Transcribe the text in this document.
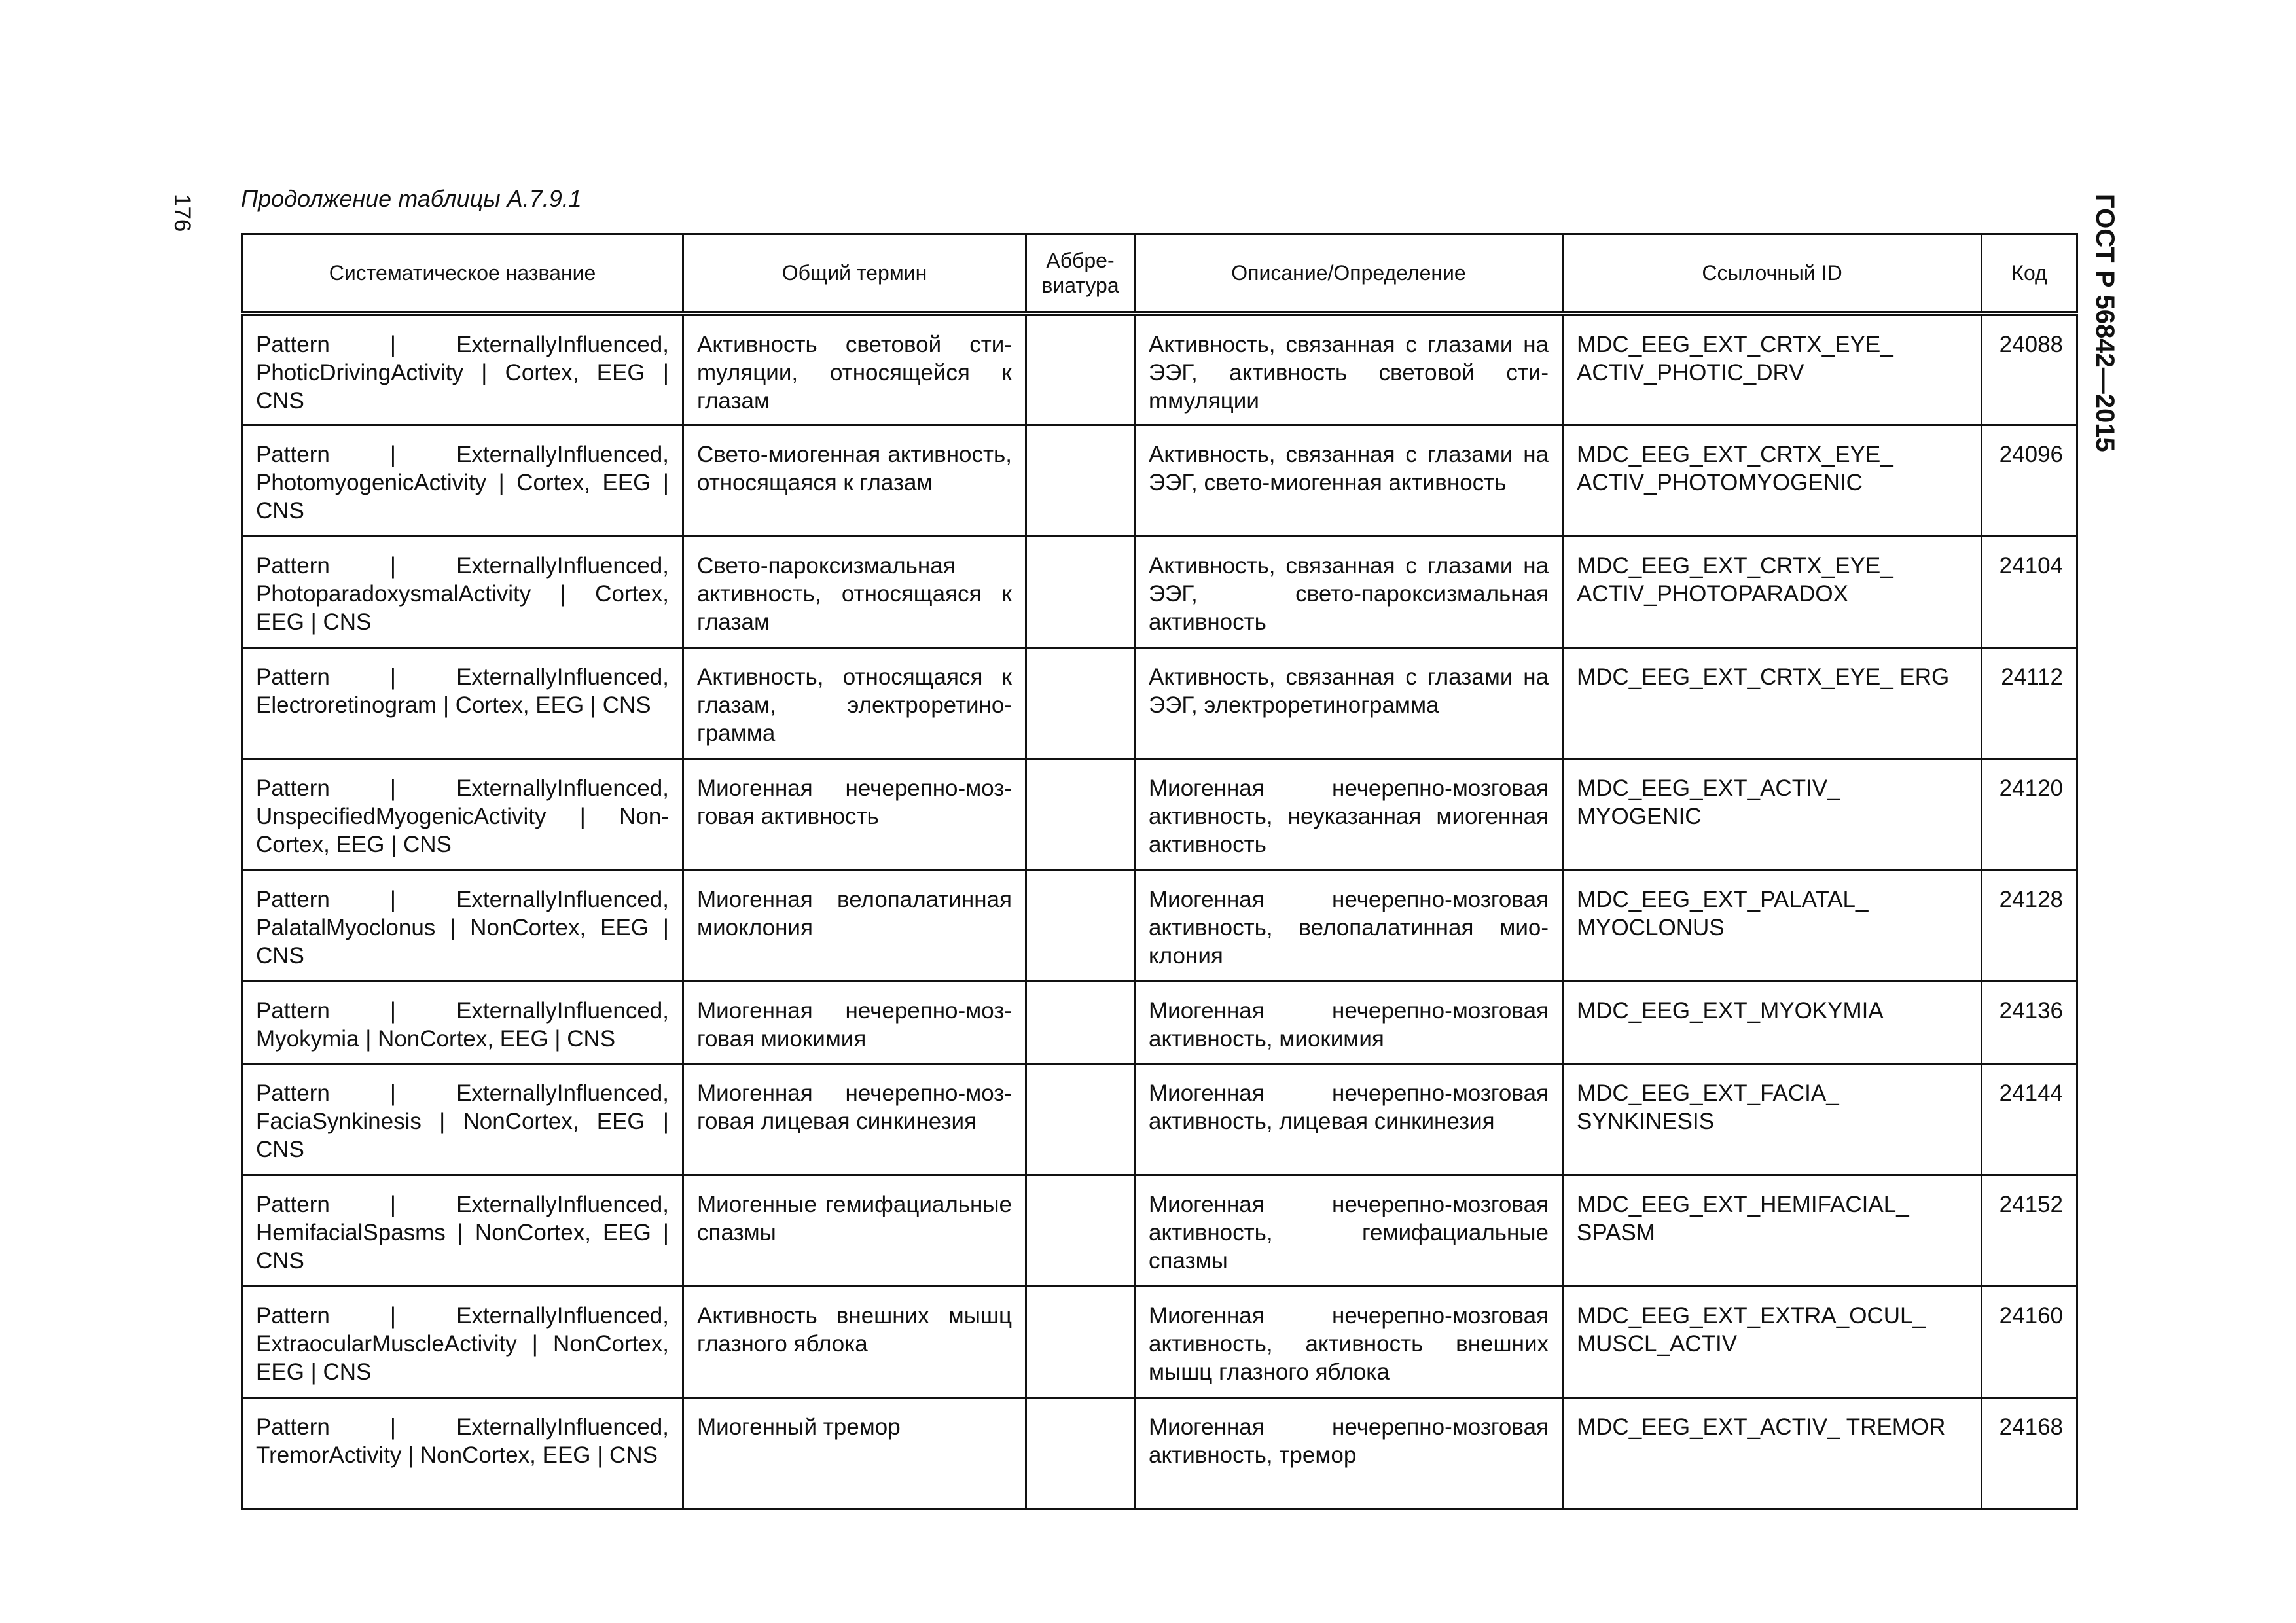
176	ГОСТ Р 56842—2015
Продолжение таблицы А.7.9.1
Систематическое название	Общий термин	Аббре-виатура	Описание/Определение	Ссылочный ID	Код
Pattern | ExternallyInfluenced, PhoticDrivingActivity | Cortex, EEG | CNS	Активность световой стиmуляции, относящейся к глазам		Активность, связанная с глазами на ЭЭГ, активность световой стиmмуляции	MDC_EEG_EXT_CRTX_EYE_ ACTIV_PHOTIC_DRV	24088
Pattern | ExternallyInfluenced, PhotomyogenicActivity | Cortex, EEG | CNS	Свето-миогенная активность, относящаяся к глазам		Активность, связанная с глазами на ЭЭГ, свето-миогенная активность	MDC_EEG_EXT_CRTX_EYE_ ACTIV_PHOTOMYOGENIC	24096
Pattern | ExternallyInfluenced, PhotoparadoxysmalActivity | Cortex, EEG | CNS	Свето-пароксизмальная активность, относящаяся к глазам		Активность, связанная с глазами на ЭЭГ, свето-пароксизмальная активность	MDC_EEG_EXT_CRTX_EYE_ ACTIV_PHOTOPARADOX	24104
Pattern | ExternallyInfluenced, Electroretinogram | Cortex, EEG | CNS	Активность, относящаяся к глазам, электроретинограмма		Активность, связанная с глазами на ЭЭГ, электроретинограмма	MDC_EEG_EXT_CRTX_EYE_ ERG	24112
Pattern | ExternallyInfluenced, UnspecifiedMyogenicActivity | Non-Cortex, EEG | CNS	Миогенная нечерепно-мозговая активность		Миогенная нечерепно-мозговая активность, неуказанная миогенная активность	MDC_EEG_EXT_ACTIV_ MYOGENIC	24120
Pattern | ExternallyInfluenced, PalatalMyoclonus | NonCortex, EEG | CNS	Миогенная велопалатинная миоклония		Миогенная нечерепно-мозговая активность, велопалатинная миоклония	MDC_EEG_EXT_PALATAL_ MYOCLONUS	24128
Pattern | ExternallyInfluenced, Myokymia | NonCortex, EEG | CNS	Миогенная нечерепно-мозговая миокимия		Миогенная нечерепно-мозговая активность, миокимия	MDC_EEG_EXT_MYOKYMIA	24136
Pattern | ExternallyInfluenced, FaciaSynkinesis | NonCortex, EEG | CNS	Миогенная нечерепно-мозговая лицевая синкинезия		Миогенная нечерепно-мозговая активность, лицевая синкинезия	MDC_EEG_EXT_FACIA_ SYNKINESIS	24144
Pattern | ExternallyInfluenced, HemifacialSpasms | NonCortex, EEG | CNS	Миогенные гемифациальные спазмы		Миогенная нечерепно-мозговая активность, гемифациальные спазмы	MDC_EEG_EXT_HEMIFACIAL_ SPASM	24152
Pattern | ExternallyInfluenced, ExtraocularMuscleActivity | NonCortex, EEG | CNS	Активность внешних мышц глазного яблока		Миогенная нечерепно-мозговая активность, активность внешних мышц глазного яблока	MDC_EEG_EXT_EXTRA_OCUL_ MUSCL_ACTIV	24160
Pattern | ExternallyInfluenced, TremorActivity | NonCortex, EEG | CNS	Миогенный тремор		Миогенная нечерепно-мозговая активность, тремор	MDC_EEG_EXT_ACTIV_ TREMOR	24168
